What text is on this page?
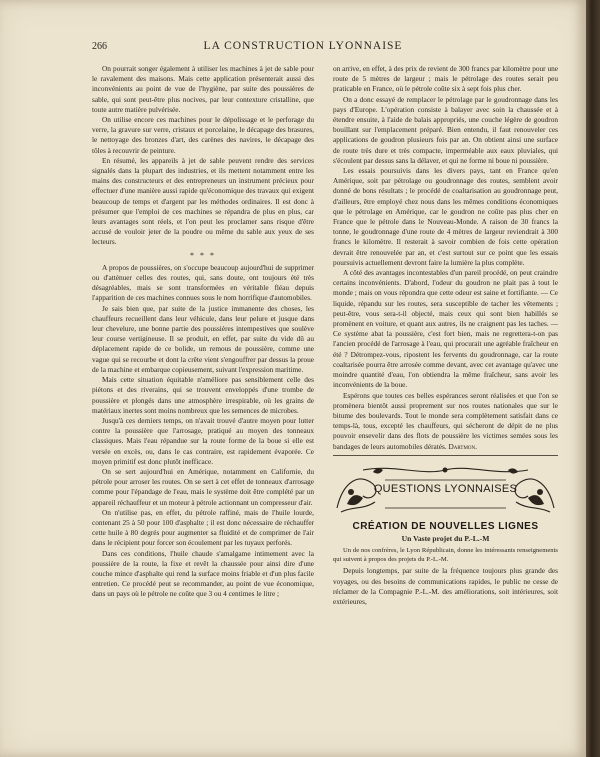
266	LA CONSTRUCTION LYONNAISE

On pourrait songer également à utiliser les machines à jet de sable pour le ravalement des maisons. Mais cette application présenterait aussi des inconvénients au point de vue de l'hygiène, par suite des poussières de sable, qui sont peut-être plus nocives, par leur contexture cristalline, que toute autre matière pulvérisée.

On utilise encore ces machines pour le dépolissage et le perforage du verre, la gravure sur verre, cristaux et porcelaine, le décapage des brasures, le nettoyage des bronzes d'art, des carènes des navires, le décapage des tôles à recouvrir de peinture.

En résumé, les appareils à jet de sable peuvent rendre des services signalés dans la plupart des industries, et ils mettent notamment entre les mains des constructeurs et des entrepreneurs un instrument précieux pour effectuer d'une manière aussi rapide qu'économique des travaux qui exigent beaucoup de temps et d'argent par les méthodes ordinaires. Il est donc à présumer que l'emploi de ces machines se répandra de plus en plus, car leurs avantages sont réels, et l'on peut les proclamer sans risque d'être accusé de vouloir jeter de la poudre ou même du sable aux yeux de ses lecteurs.

* * *

A propos de poussières, on s'occupe beaucoup aujourd'hui de supprimer ou d'atténuer celles des routes, qui, sans doute, ont toujours été très désagréables, mais se sont transformées en véritable fléau depuis l'apparition de ces machines connues sous le nom horrifique d'automobiles.

Je sais bien que, par suite de la justice immanente des choses, les chauffeurs recueillent dans leur véhicule, dans leur pelure et jusque dans leur chevelure, une bonne partie des poussières intempestives que soulève leur course vertigineuse. Il se produit, en effet, par suite du vide dû au déplacement rapide de ce bolide, un remous de poussière, comme une vague qui se recourbe et dont la crête vient s'engouffrer par dessus la proue de la machine et embarque copieusement, suivant l'expression maritime.

Mais cette situation équitable n'améliore pas sensiblement celle des piétons et des riverains, qui se trouvent enveloppés d'une trombe de poussière et plongés dans une atmosphère irrespirable, où les grains de matériaux inertes sont moins nombreux que les semences de microbes.

Jusqu'à ces derniers temps, on n'avait trouvé d'autre moyen pour lutter contre la poussière que l'arrosage, pratiqué au moyen des tonneaux classiques. Mais l'eau répandue sur la route forme de la boue si elle est versée en excès, ou, dans le cas contraire, est rapidement évaporée. Ce moyen primitif est donc plutôt inefficace.

On se sert aujourd'hui en Amérique, notamment en Californie, du pétrole pour arroser les routes. On se sert à cet effet de tonneaux d'arrosage comme pour l'épandage de l'eau, mais le système doit être complété par un appareil réchauffeur et un moteur à pétrole actionnant un compresseur d'air.

On n'utilise pas, en effet, du pétrole raffiné, mais de l'huile lourde, contenant 25 à 50 pour 100 d'asphalte ; il est donc nécessaire de réchauffer cette huile à 80 degrés pour augmenter sa fluidité et de comprimer de l'air dans le récipient pour forcer son écoulement par les tuyaux perforés.

Dans ces conditions, l'huile chaude s'amalgame intimement avec la poussière de la route, la fixe et revêt la chaussée pour ainsi dire d'une couche mince d'asphalte qui rend la surface moins friable et d'un plus facile entretien. Ce procédé peut se recommander, au point de vue économique, dans un pays où le pétrole ne coûte que 3 ou 4 centimes le litre ;

on arrive, en effet, à des prix de revient de 300 francs par kilomètre pour une route de 5 mètres de largeur ; mais le pétrolage des routes serait peu praticable en France, où le pétrole coûte six à sept fois plus cher.

On a donc essayé de remplacer le pétrolage par le goudronnage dans les pays d'Europe. L'opération consiste à balayer avec soin la chaussée et à étendre ensuite, à l'aide de balais appropriés, une couche légère de goudron bouillant sur l'emplacement préparé. Bien entendu, il faut renouveler ces applications de goudron plusieurs fois par an. On obtient ainsi une surface de route très dure et très compacte, imperméable aux eaux pluviales, qui s'écoulent par dessus sans la délaver, et qui ne forme ni boue ni poussière.

Les essais poursuivis dans les divers pays, tant en France qu'en Amérique, soit par pétrolage ou goudronnage des routes, semblent avoir donné de bons résultats ; le procédé de coaltarisation au goudronnage peut, d'ailleurs, être employé chez nous dans les mêmes conditions économiques que le pétrolage en Amérique, car le goudron ne coûte pas plus cher en France que le pétrole dans le Nouveau-Monde. A raison de 30 francs la tonne, le goudronnage d'une route de 4 mètres de largeur reviendrait à 300 francs le kilomètre. Il resterait à savoir combien de fois cette opération devrait être renouvelée par an, et c'est surtout sur ce point que les essais poursuivis actuellement devront faire la lumière la plus complète.

A côté des avantages incontestables d'un pareil procédé, on peut craindre certains inconvénients. D'abord, l'odeur du goudron ne plait pas à tout le monde ; mais on vous répondra que cette odeur est saine et fortifiante. — Ce liquide, répandu sur les routes, sera susceptible de tacher les vêtements ; peut-être, vous sera-t-il objecté, mais ceux qui sont bien habillés se promènent en voiture, et quant aux autres, ils ne craignent pas les taches. — Ce système abat la poussière, c'est fort bien, mais ne regrettera-t-on pas l'ancien procédé de l'arrosage à l'eau, qui procurait une agréable fraîcheur en été ? Détrompez-vous, ripostent les fervents du goudronnage, car la route coaltarisée pourra être arrosée comme devant, avec cet avantage qu'avec une moindre quantité d'eau, l'on obtiendra la même fraîcheur, sans avoir les inconvénients de la boue.

Espérons que toutes ces belles espérances seront réalisées et que l'on se promènera bientôt aussi proprement sur nos routes nationales que sur le bitume des boulevards. Tout le monde sera complètement satisfait dans ce temps-là, tous, excepté les chauffeurs, qui sécheront de dépit de ne plus pouvoir ensevelir dans des flots de poussière les victimes semées sous les bandages de leurs automobiles dératés. Dartmon.

QUESTIONS LYONNAISES
CRÉATION DE NOUVELLES LIGNES
Un Vaste projet du P.-L.-M

Un de nos confrères, le Lyon Républicain, donne les intéressants renseignements qui suivent à propos des projets du P.-L.-M.

Depuis longtemps, par suite de la fréquence toujours plus grande des voyages, ou des besoins de communications rapides, le public ne cesse de réclamer de la Compagnie P.-L.-M. des améliorations, soit intérieures, soit extérieures,
